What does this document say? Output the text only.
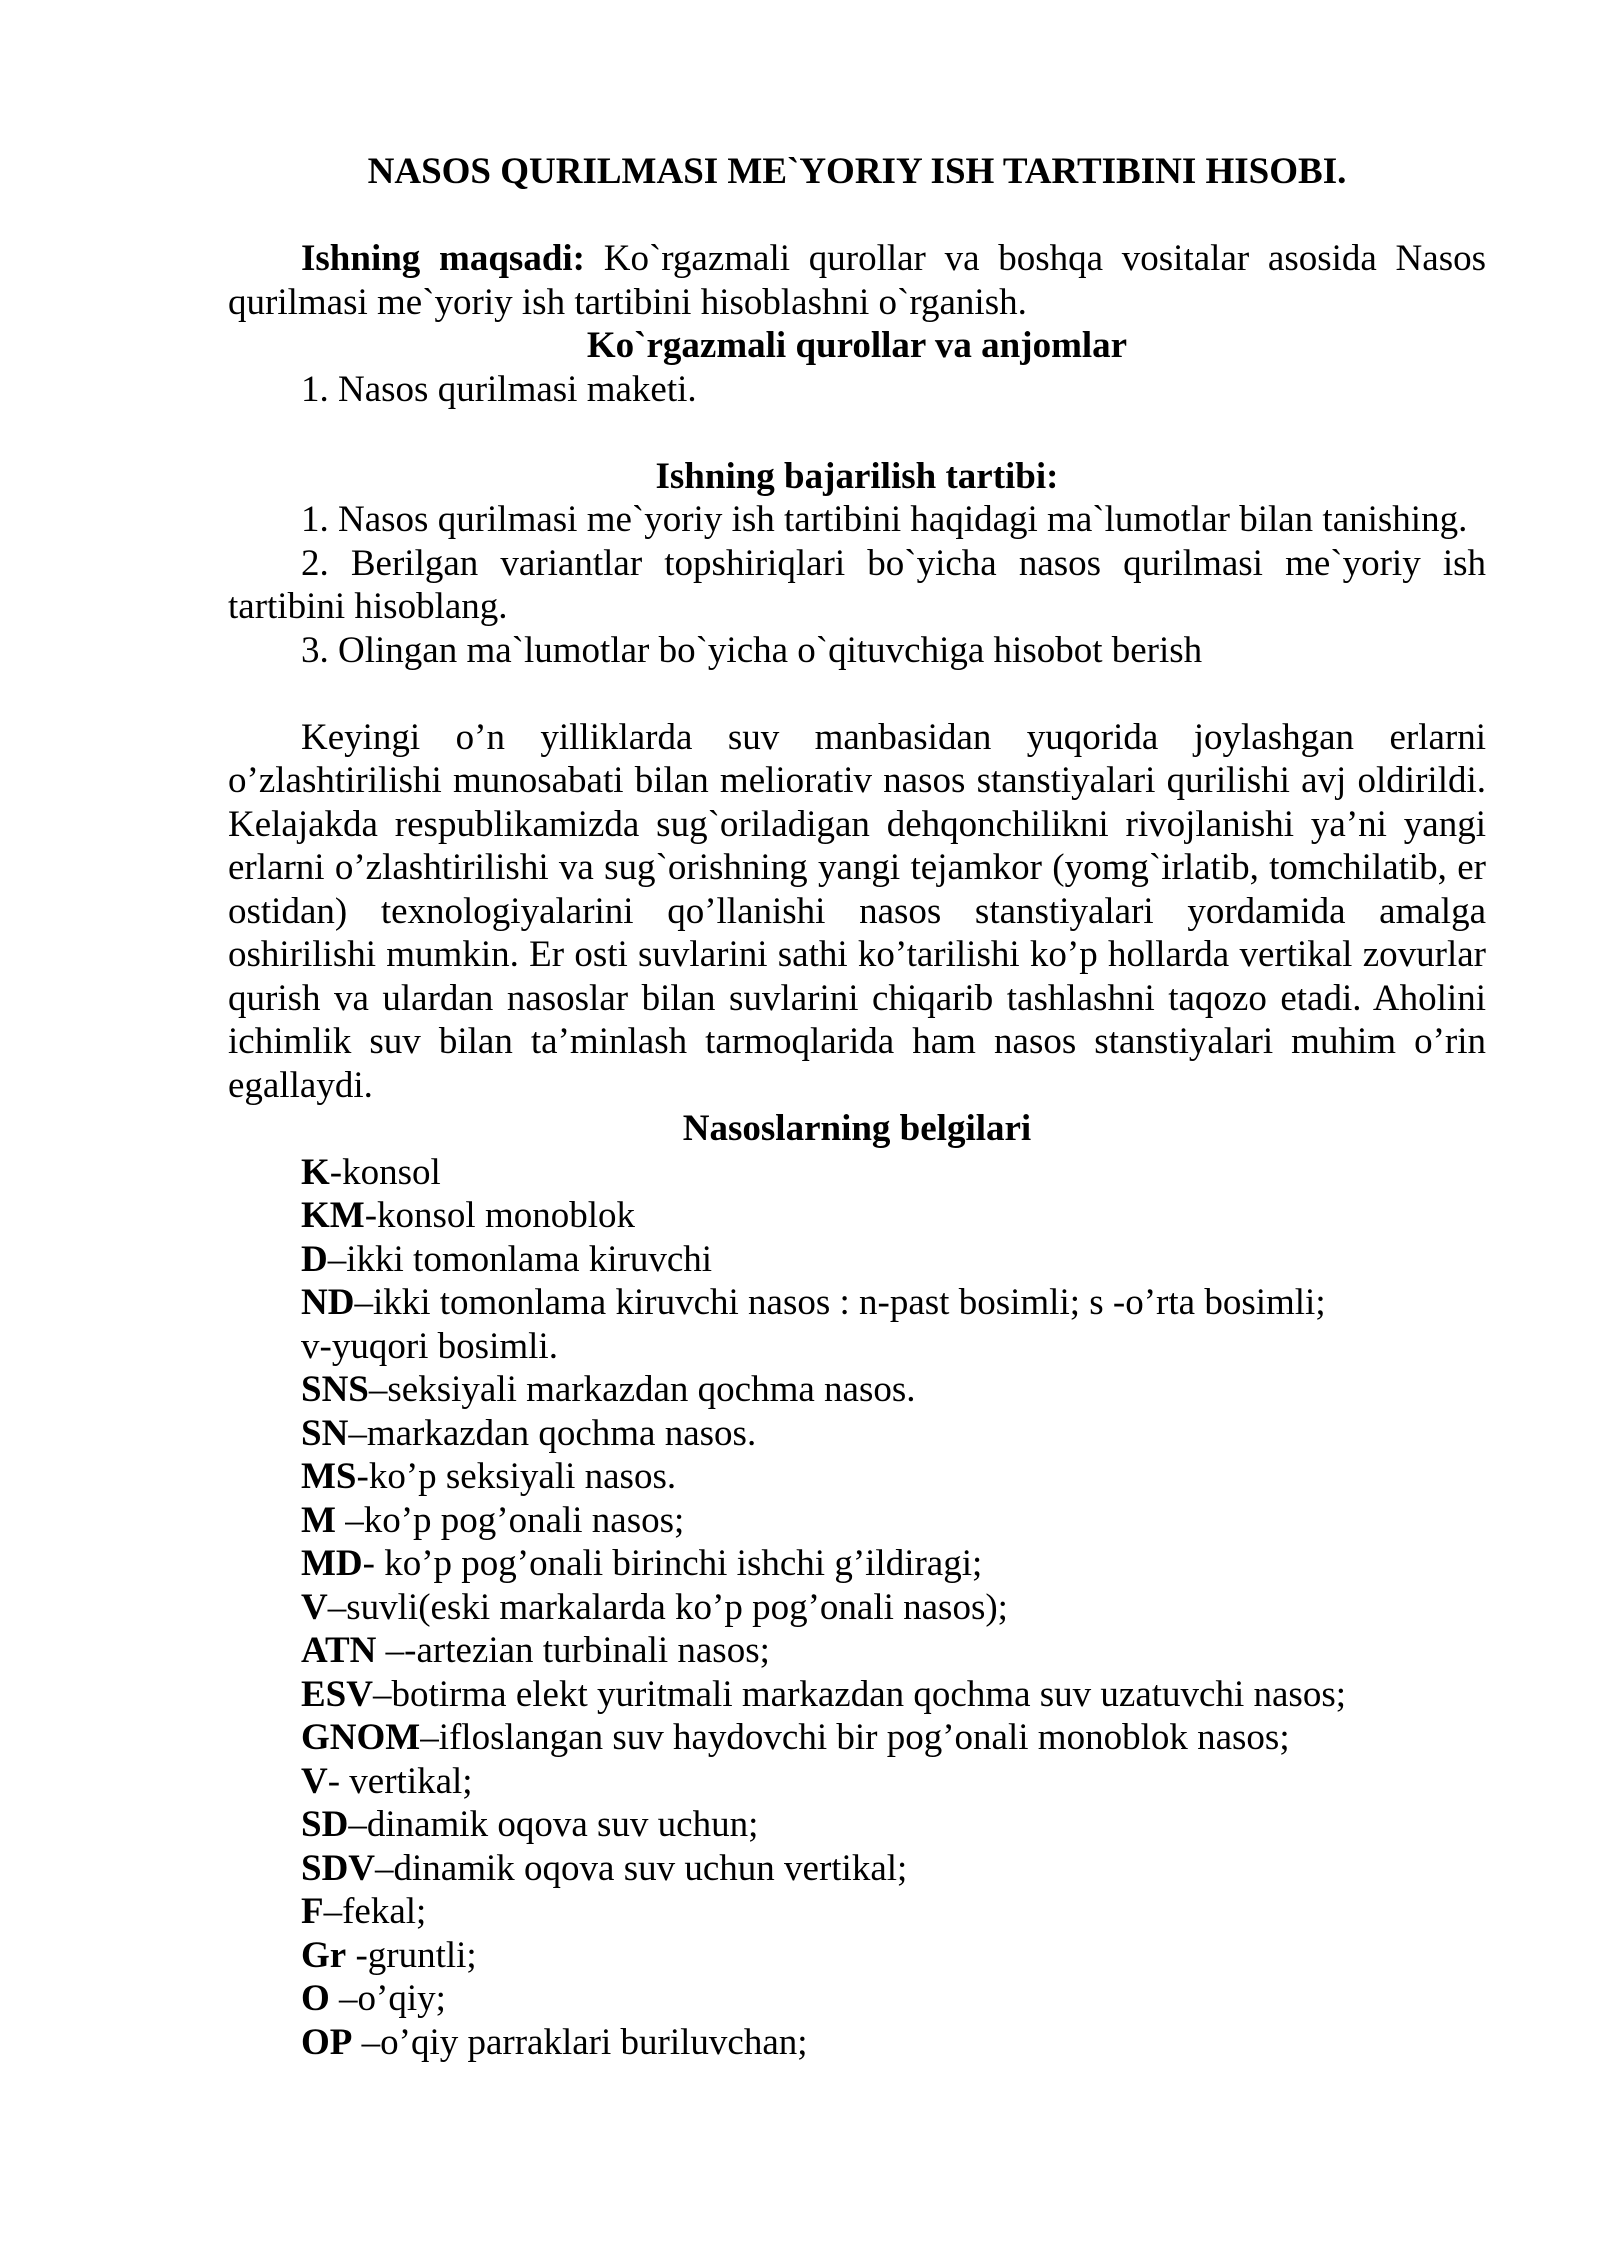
NASOS QURILMASI ME`YORIY ISH TARTIBINI HISOBI.

Ishning maqsadi: Ko`rgazmali qurollar va boshqa vositalar asosida Nasos qurilmasi me`yoriy ish tartibini hisoblashni o`rganish.

Ko`rgazmali qurollar va anjomlar

1. Nasos qurilmasi maketi.

Ishning bajarilish tartibi:

1. Nasos qurilmasi me`yoriy ish tartibini haqidagi ma`lumotlar bilan tanishing.

2. Berilgan variantlar topshiriqlari bo`yicha nasos qurilmasi me`yoriy ish tartibini hisoblang.

3. Olingan ma`lumotlar bo`yicha o`qituvchiga hisobot berish

Keyingi o’n yilliklarda suv manbasidan yuqorida joylashgan erlarni o’zlashtirilishi munosabati bilan meliorativ nasos stanstiyalari qurilishi avj oldirildi. Kelajakda respublikamizda sug`oriladigan dehqonchilikni rivojlanishi ya’ni yangi erlarni o’zlashtirilishi va sug`orishning yangi tejamkor (yomg`irlatib, tomchilatib, er ostidan) texnologiyalarini qo’llanishi nasos stanstiyalari yordamida amalga oshirilishi mumkin. Er osti suvlarini sathi ko’tarilishi ko’p hollarda vertikal zovurlar qurish va ulardan nasoslar bilan suvlarini chiqarib tashlashni taqozo etadi. Aholini ichimlik suv bilan ta’minlash tarmoqlarida ham nasos stanstiyalari muhim o’rin egallaydi.

Nasoslarning belgilari

K-konsol

KM-konsol monoblok

D–ikki tomonlama kiruvchi

ND–ikki tomonlama kiruvchi nasos : n-past bosimli; s -o’rta bosimli;

v-yuqori bosimli.

SNS–seksiyali markazdan qochma nasos.

SN–markazdan qochma nasos.

MS-ko’p seksiyali nasos.

M –ko’p pog’onali nasos;

MD- ko’p pog’onali birinchi ishchi g’ildiragi;

V–suvli(eski markalarda ko’p pog’onali nasos);

ATN –-artezian turbinali nasos;

ESV–botirma elekt yuritmali markazdan qochma suv uzatuvchi nasos;

GNOM–ifloslangan suv haydovchi bir pog’onali monoblok nasos;

V- vertikal;

SD–dinamik oqova suv uchun;

SDV–dinamik oqova suv uchun vertikal;

F–fekal;

Gr -gruntli;

O –o’qiy;

OP –o’qiy parraklari buriluvchan;
